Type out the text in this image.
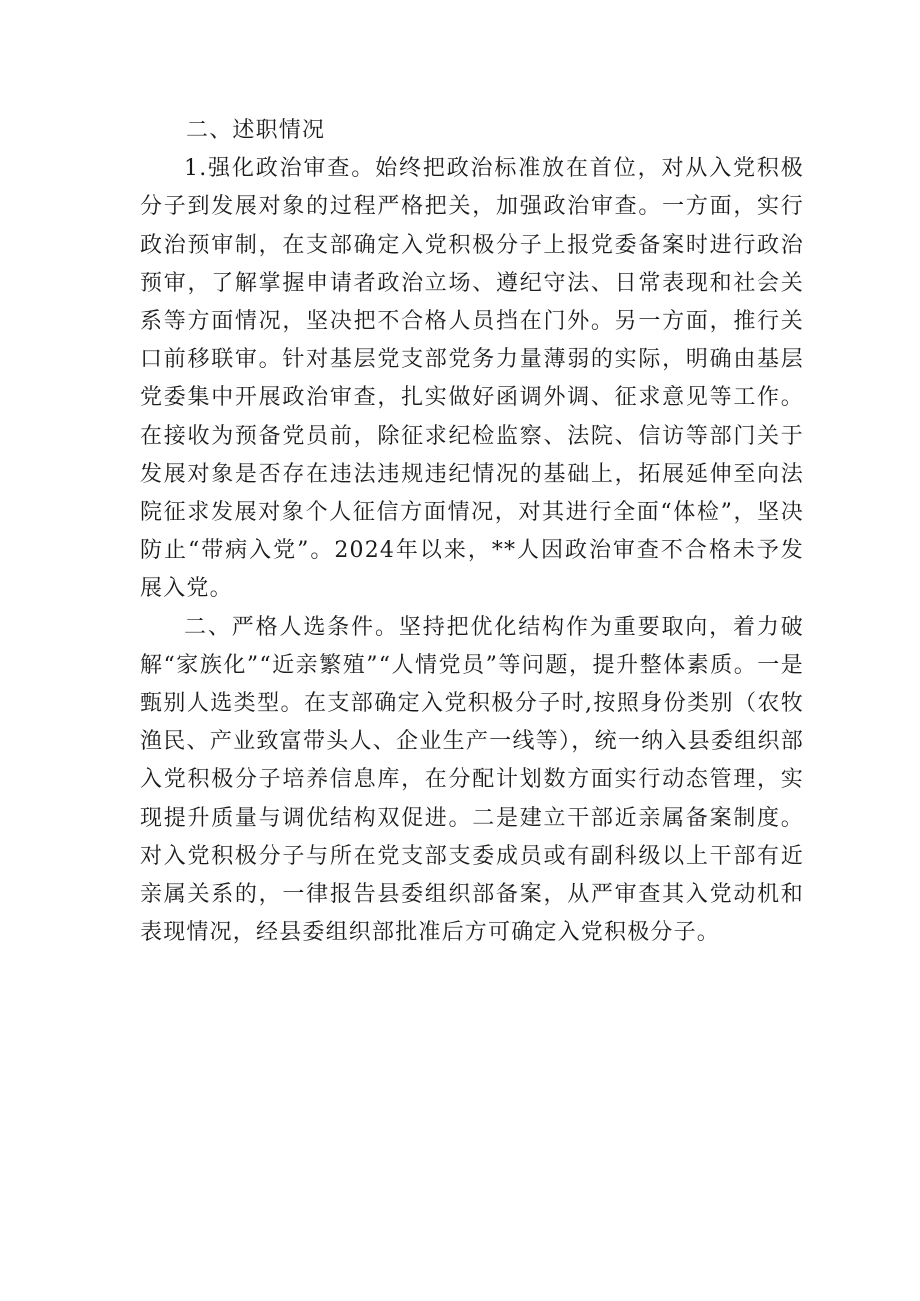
二、述职情况

1.强化政治审查。始终把政治标准放在首位，对从入党积极分子到发展对象的过程严格把关，加强政治审查。一方面，实行政治预审制，在支部确定入党积极分子上报党委备案时进行政治预审，了解掌握申请者政治立场、遵纪守法、日常表现和社会关系等方面情况，坚决把不合格人员挡在门外。另一方面，推行关口前移联审。针对基层党支部党务力量薄弱的实际，明确由基层党委集中开展政治审查，扎实做好函调外调、征求意见等工作。在接收为预备党员前，除征求纪检监察、法院、信访等部门关于发展对象是否存在违法违规违纪情况的基础上，拓展延伸至向法院征求发展对象个人征信方面情况，对其进行全面“体检”，坚决防止“带病入党”。2024年以来，**人因政治审查不合格未予发展入党。

二、严格人选条件。坚持把优化结构作为重要取向，着力破解“家族化”“近亲繁殖”“人情党员”等问题，提升整体素质。一是甄别人选类型。在支部确定入党积极分子时,按照身份类别（农牧渔民、产业致富带头人、企业生产一线等），统一纳入县委组织部入党积极分子培养信息库，在分配计划数方面实行动态管理，实现提升质量与调优结构双促进。二是建立干部近亲属备案制度。对入党积极分子与所在党支部支委成员或有副科级以上干部有近亲属关系的，一律报告县委组织部备案，从严审查其入党动机和表现情况，经县委组织部批准后方可确定入党积极分子。
